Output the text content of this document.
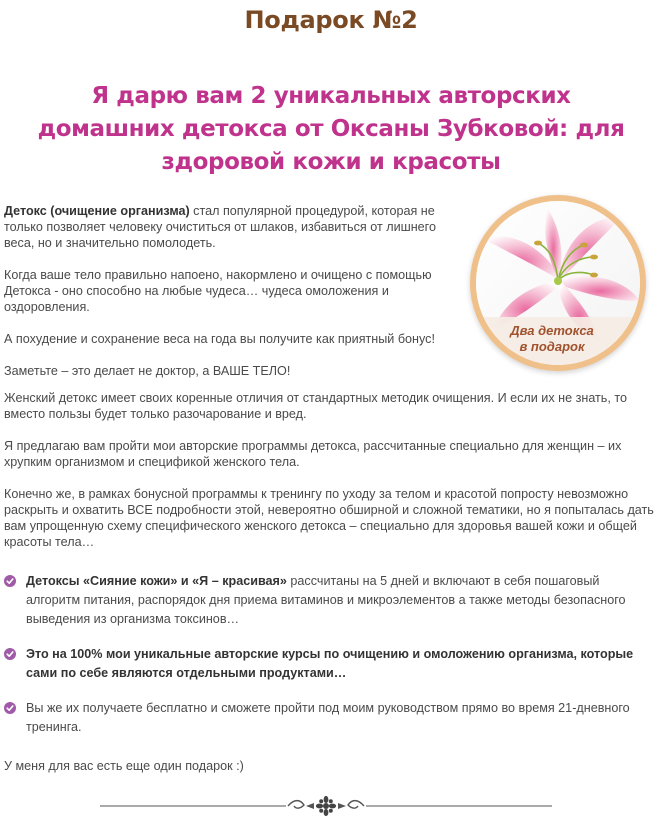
Подарок №2
Я дарю вам 2 уникальных авторских домашних детокса от Оксаны Зубковой: для здоровой кожи и красоты

Детокс (очищение организма) стал популярной процедурой, которая не только позволяет человеку очиститься от шлаков, избавиться от лишнего веса, но и значительно помолодеть.

Когда ваше тело правильно напоено, накормлено и очищено с помощью Детокса - оно способно на любые чудеса… чудеса омоложения и оздоровления.

А похудение и сохранение веса на года вы получите как приятный бонус!

Заметьте – это делает не доктор, а ВАШЕ ТЕЛО!

Два детокса
в подарок

Женский детокс имеет своих коренные отличия от стандартных методик очищения. И если их не знать, то вместо пользы будет только разочарование и вред.

Я предлагаю вам пройти мои авторские программы детокса, рассчитанные специально для женщин – их хрупким организмом и спецификой женского тела.

Конечно же, в рамках бонусной программы к тренингу по уходу за телом и красотой попросту невозможно раскрыть и охватить ВСЕ подробности этой, невероятно обширной и сложной тематики, но я попыталась дать вам упрощенную схему специфического женского детокса – специально для здоровья вашей кожи и общей красоты тела…

Детоксы «Сияние кожи» и «Я – красивая» рассчитаны на 5 дней и включают в себя пошаговый алгоритм питания, распорядок дня приема витаминов и микроэлементов а также методы безопасного выведения из организма токсинов…
Это на 100% мои уникальные авторские курсы по очищению и омоложению организма, которые сами по себе являются отдельными продуктами…
Вы же их получаете бесплатно и сможете пройти под моим руководством прямо во время 21-дневного тренинга.
У меня для вас есть еще один подарок :)
